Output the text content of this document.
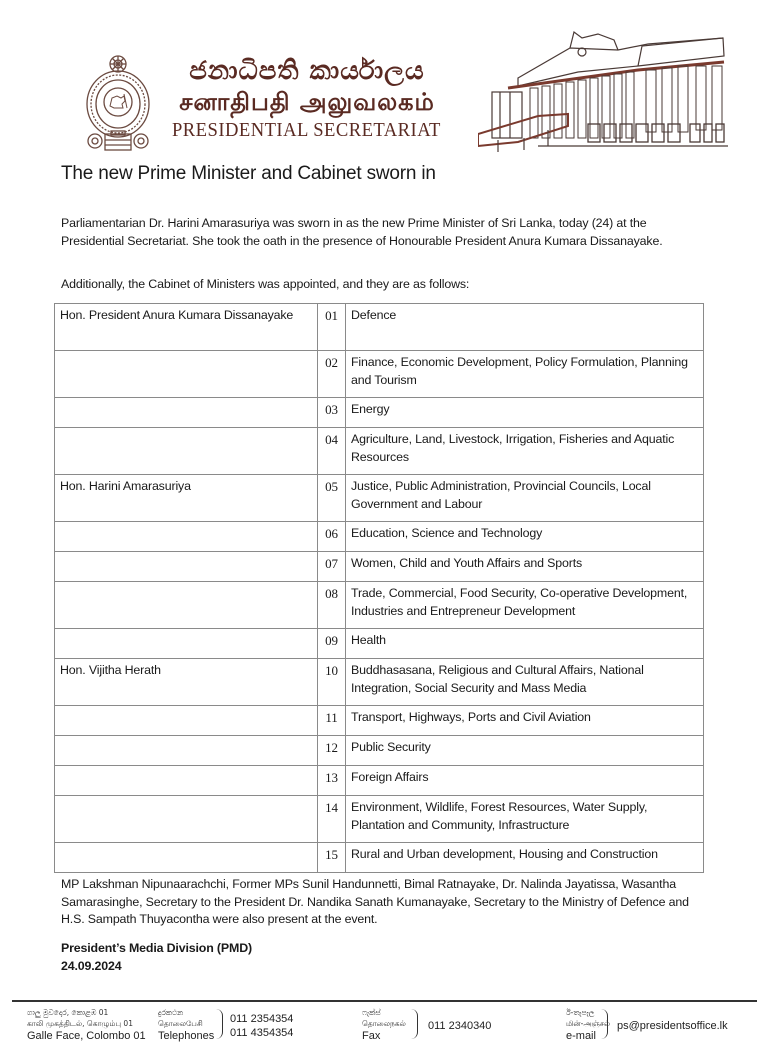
ජනාධිපති කාර්යාලය
சனாதிபதி அலுவலகம்
PRESIDENTIAL SECRETARIAT
The new Prime Minister and Cabinet sworn in

Parliamentarian Dr. Harini Amarasuriya was sworn in as the new Prime Minister of Sri Lanka, today (24) at the Presidential Secretariat. She took the oath in the presence of Honourable President Anura Kumara Dissanayake.

Additionally, the Cabinet of Ministers was appointed, and they are as follows:

Hon. President Anura Kumara Dissanayake	01	Defence
	02	Finance, Economic Development, Policy Formulation, Planning and Tourism
	03	Energy
	04	Agriculture, Land, Livestock, Irrigation, Fisheries and Aquatic Resources
Hon. Harini Amarasuriya	05	Justice, Public Administration, Provincial Councils, Local Government and Labour
	06	Education, Science and Technology
	07	Women, Child and Youth Affairs and Sports
	08	Trade, Commercial, Food Security, Co-operative Development, Industries and Entrepreneur Development
	09	Health
Hon. Vijitha Herath	10	Buddhasasana, Religious and Cultural Affairs, National Integration, Social Security and Mass Media
	11	Transport, Highways, Ports and Civil Aviation
	12	Public Security
	13	Foreign Affairs
	14	Environment, Wildlife, Forest Resources, Water Supply, Plantation and Community, Infrastructure
	15	Rural and Urban development, Housing and Construction

MP Lakshman Nipunaarachchi, Former MPs Sunil Handunnetti, Bimal Ratnayake, Dr. Nalinda Jayatissa, Wasantha Samarasinghe, Secretary to the President Dr. Nandika Sanath Kumanayake, Secretary to the Ministry of Defence and H.S. Sampath Thuyacontha were also present at the event.

President’s Media Division (PMD)
24.09.2024
ගාලු මුවදොර, කොළඹ 01
காலி முகத்திடல், கொழும்பு 01
Galle Face, Colombo 01
දුරකථන
தொலைபேசி
Telephones
011 2354354
011 4354354
ෆැක්ස්
தொலைநகல்
Fax
011 2340340
ඊ-තැපෑල
மின்-அஞ்சல்
e-mail
ps@presidentsoffice.lk
